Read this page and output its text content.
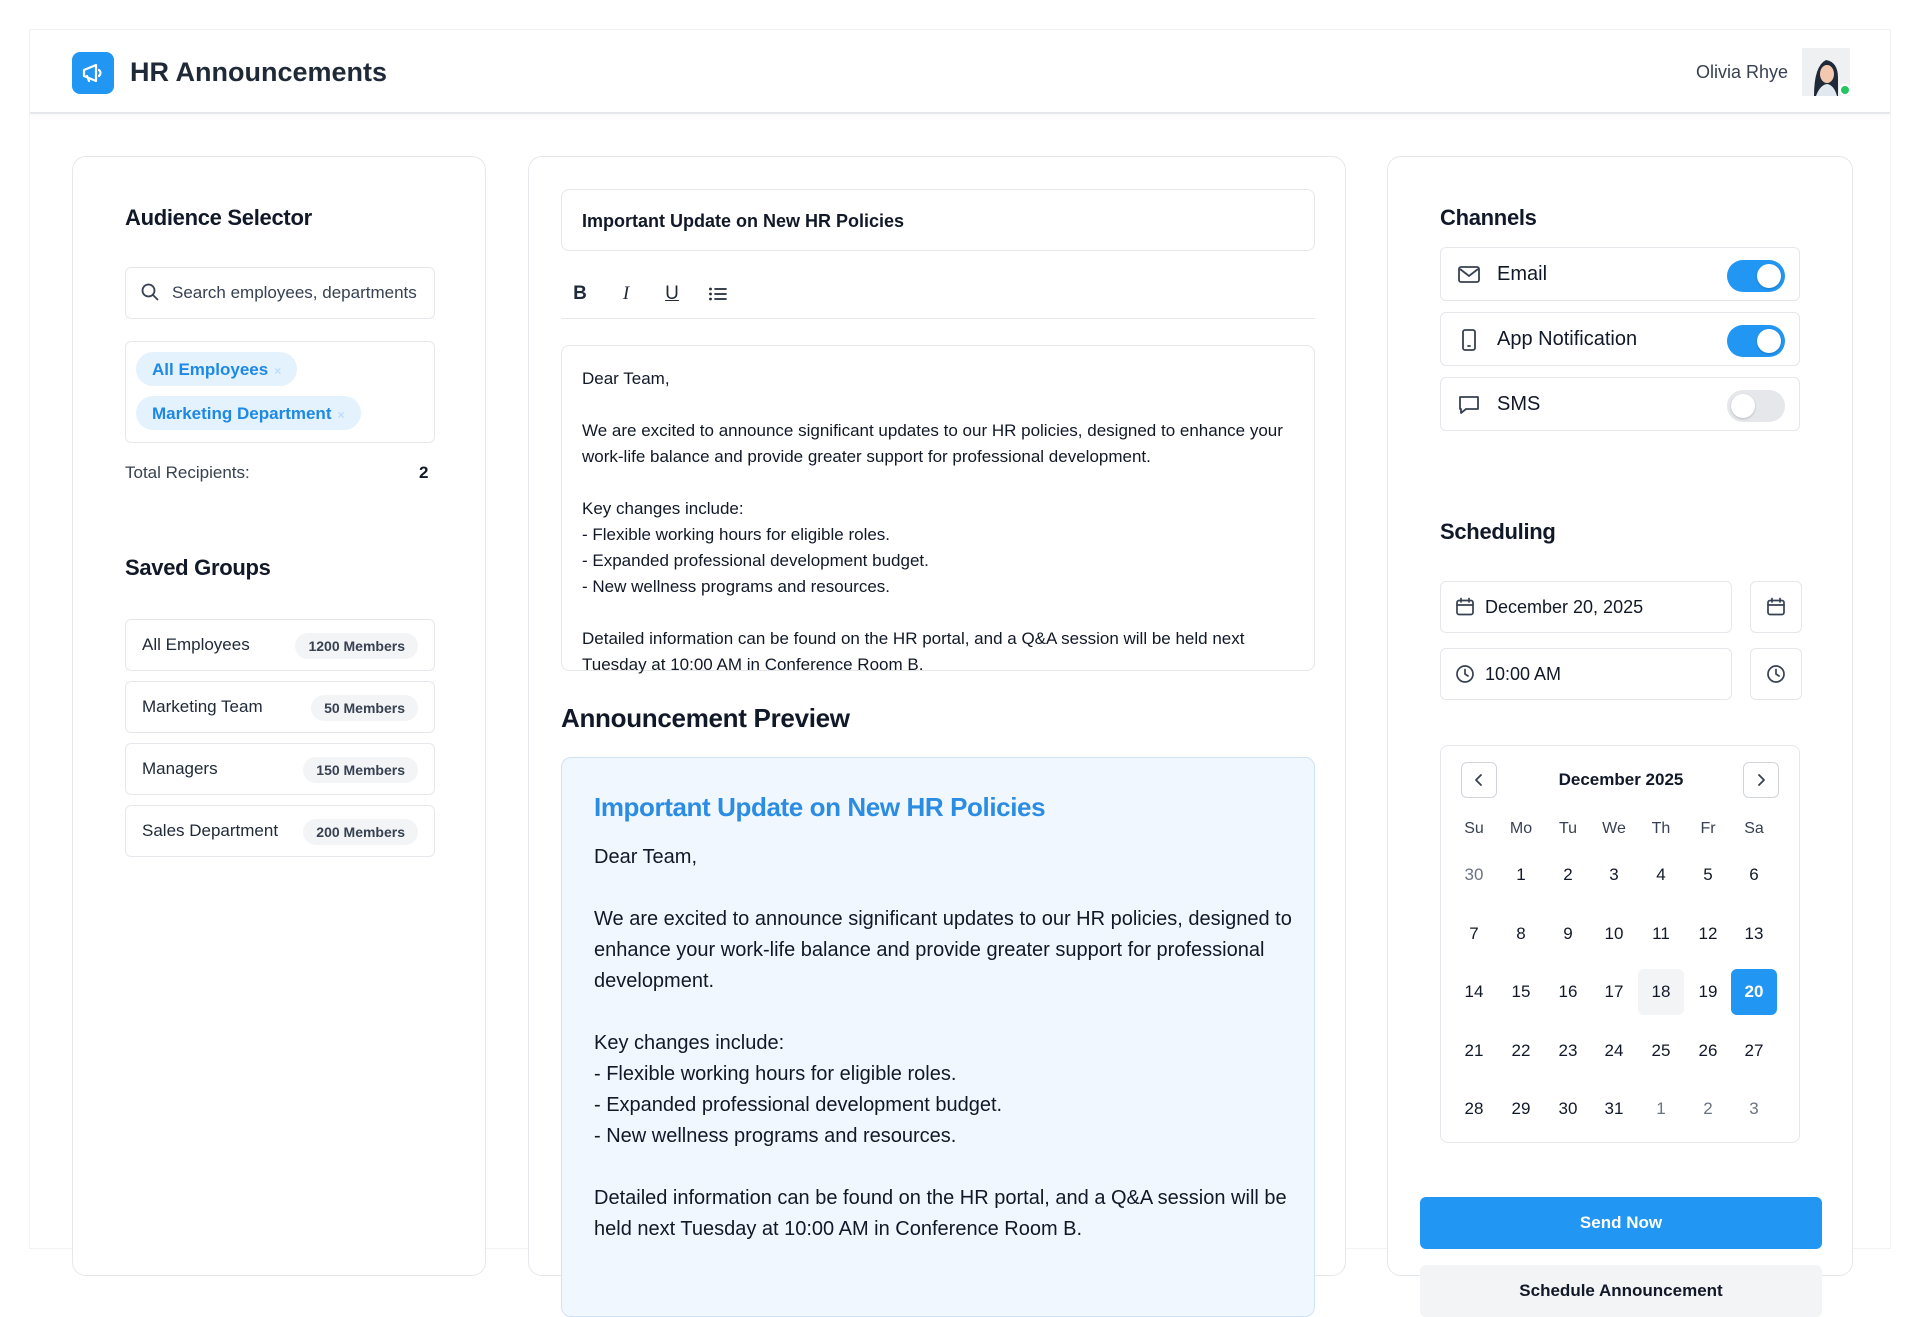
HR Announcements	Olivia Rhye
Audience Selector
Search employees, departments
All Employees ×
Marketing Department ×
Total Recipients:	2
Saved Groups
All Employees	1200 Members
Marketing Team	50 Members
Managers	150 Members
Sales Department	200 Members
Important Update on New HR Policies
B	I	U
Dear Team,

We are excited to announce significant updates to our HR policies, designed to enhance your work-life balance and provide greater support for professional development.

Key changes include:
- Flexible working hours for eligible roles.
- Expanded professional development budget.
- New wellness programs and resources.

Detailed information can be found on the HR portal, and a Q&A session will be held next Tuesday at 10:00 AM in Conference Room B.
Announcement Preview
Important Update on New HR Policies
Dear Team,

We are excited to announce significant updates to our HR policies, designed to enhance your work-life balance and provide greater support for professional development.

Key changes include:
- Flexible working hours for eligible roles.
- Expanded professional development budget.
- New wellness programs and resources.

Detailed information can be found on the HR portal, and a Q&A session will be held next Tuesday at 10:00 AM in Conference Room B.
Channels
Email
App Notification
SMS
Scheduling
December 20, 2025
10:00 AM
December 2025
Su	Mo	Tu	We	Th	Fr	Sa
30	1	2	3	4	5	6
7	8	9	10	11	12	13
14	15	16	17	18	19	20
21	22	23	24	25	26	27
28	29	30	31	1	2	3
Send Now
Schedule Announcement
